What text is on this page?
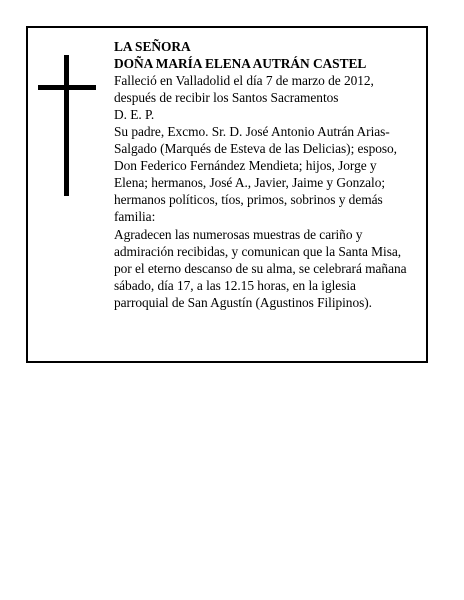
LA SEÑORA
DOÑA MARÍA ELENA AUTRÁN CASTEL
Falleció en Valladolid el día 7 de marzo de 2012,
después de recibir los Santos Sacramentos
D. E. P.
Su padre, Excmo. Sr. D. José Antonio Autrán Arias-
Salgado (Marqués de Esteva de las Delicias); esposo,
Don Federico Fernández Mendieta; hijos, Jorge y
Elena; hermanos, José A., Javier, Jaime y Gonzalo;
hermanos políticos, tíos, primos, sobrinos y demás
familia:
Agradecen las numerosas muestras de cariño y
admiración recibidas, y comunican que la Santa Misa,
por el eterno descanso de su alma, se celebrará mañana
sábado, día 17, a las 12.15 horas, en la iglesia
parroquial de San Agustín (Agustinos Filipinos).
